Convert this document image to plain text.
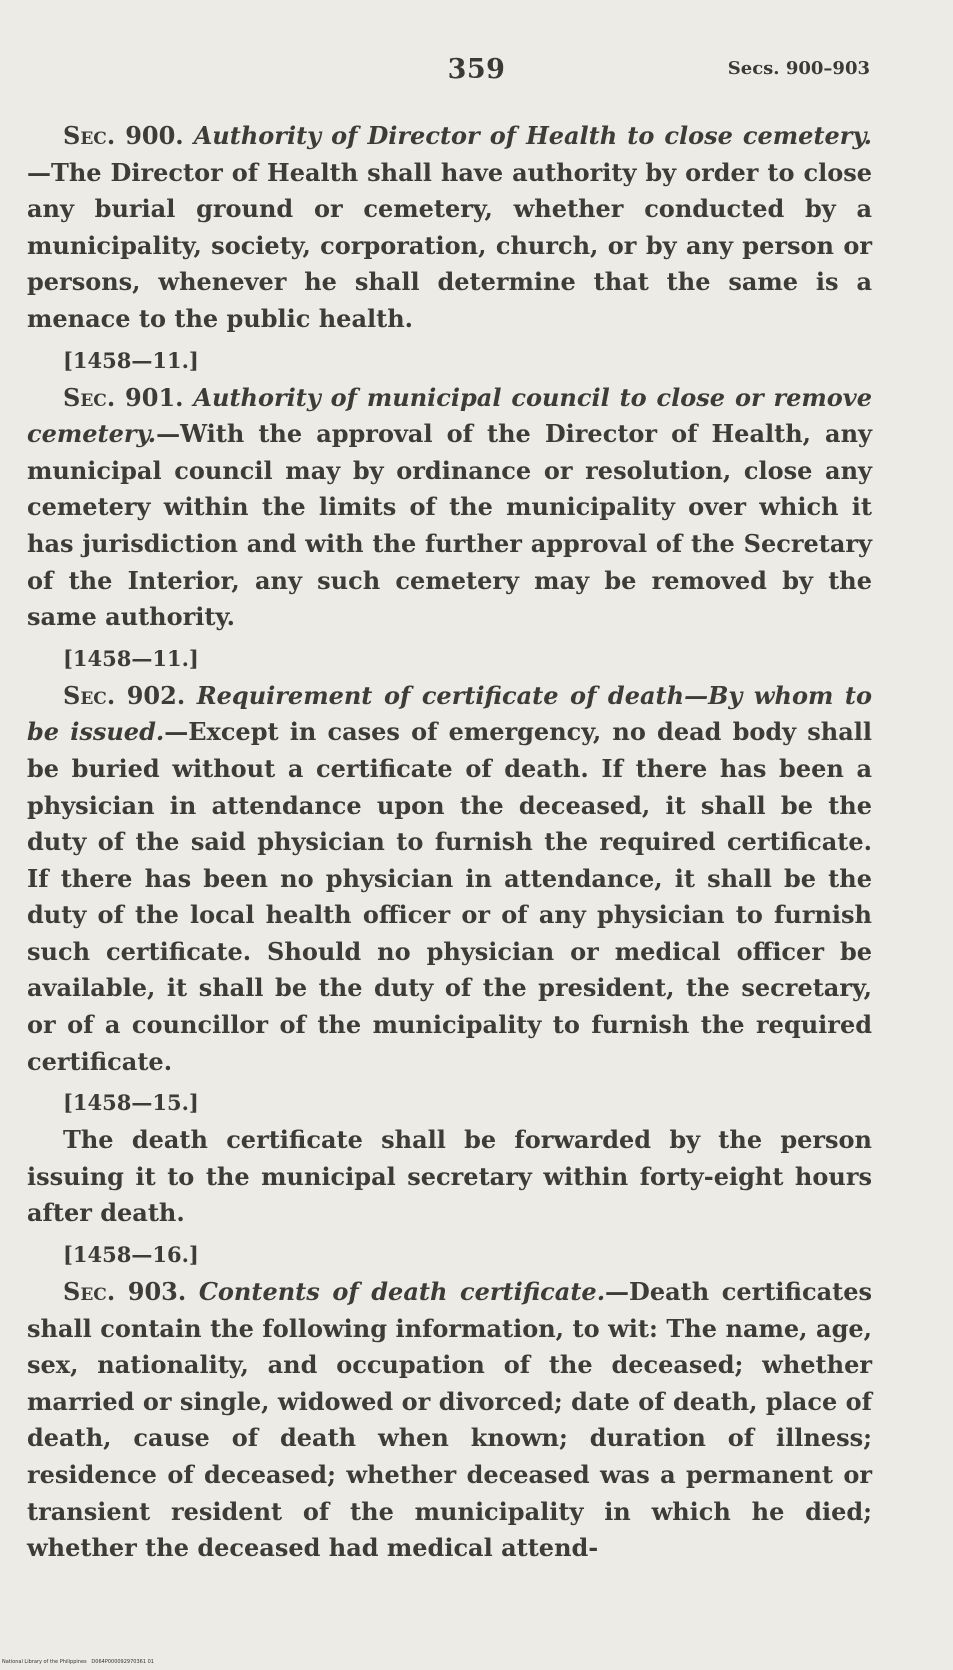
359	Secs. 900–903

Sec. 900. Authority of Director of Health to close cemetery.—The Director of Health shall have authority by order to close any burial ground or cemetery, whether conducted by a municipality, society, corporation, church, or by any person or persons, whenever he shall determine that the same is a menace to the public health.

[1458—11.]

Sec. 901. Authority of municipal council to close or remove cemetery.—With the approval of the Director of Health, any municipal council may by ordinance or resolution, close any cemetery within the limits of the municipality over which it has jurisdiction and with the further approval of the Secretary of the Interior, any such cemetery may be removed by the same authority.

[1458—11.]

Sec. 902. Requirement of certificate of death—By whom to be issued.—Except in cases of emergency, no dead body shall be buried without a certificate of death. If there has been a physician in attendance upon the deceased, it shall be the duty of the said physician to furnish the required certificate. If there has been no physician in attendance, it shall be the duty of the local health officer or of any physician to furnish such certificate. Should no physician or medical officer be available, it shall be the duty of the president, the secretary, or of a councillor of the municipality to furnish the required certificate.

[1458—15.]

The death certificate shall be forwarded by the person issuing it to the municipal secretary within forty-eight hours after death.

[1458—16.]

Sec. 903. Contents of death certificate.—Death certificates shall contain the following information, to wit: The name, age, sex, nationality, and occupation of the deceased; whether married or single, widowed or divorced; date of death, place of death, cause of death when known; duration of illness; residence of deceased; whether deceased was a permanent or transient resident of the municipality in which he died; whether the deceased had medical attend-

National Library of the Philippines D064P000092970361 01
